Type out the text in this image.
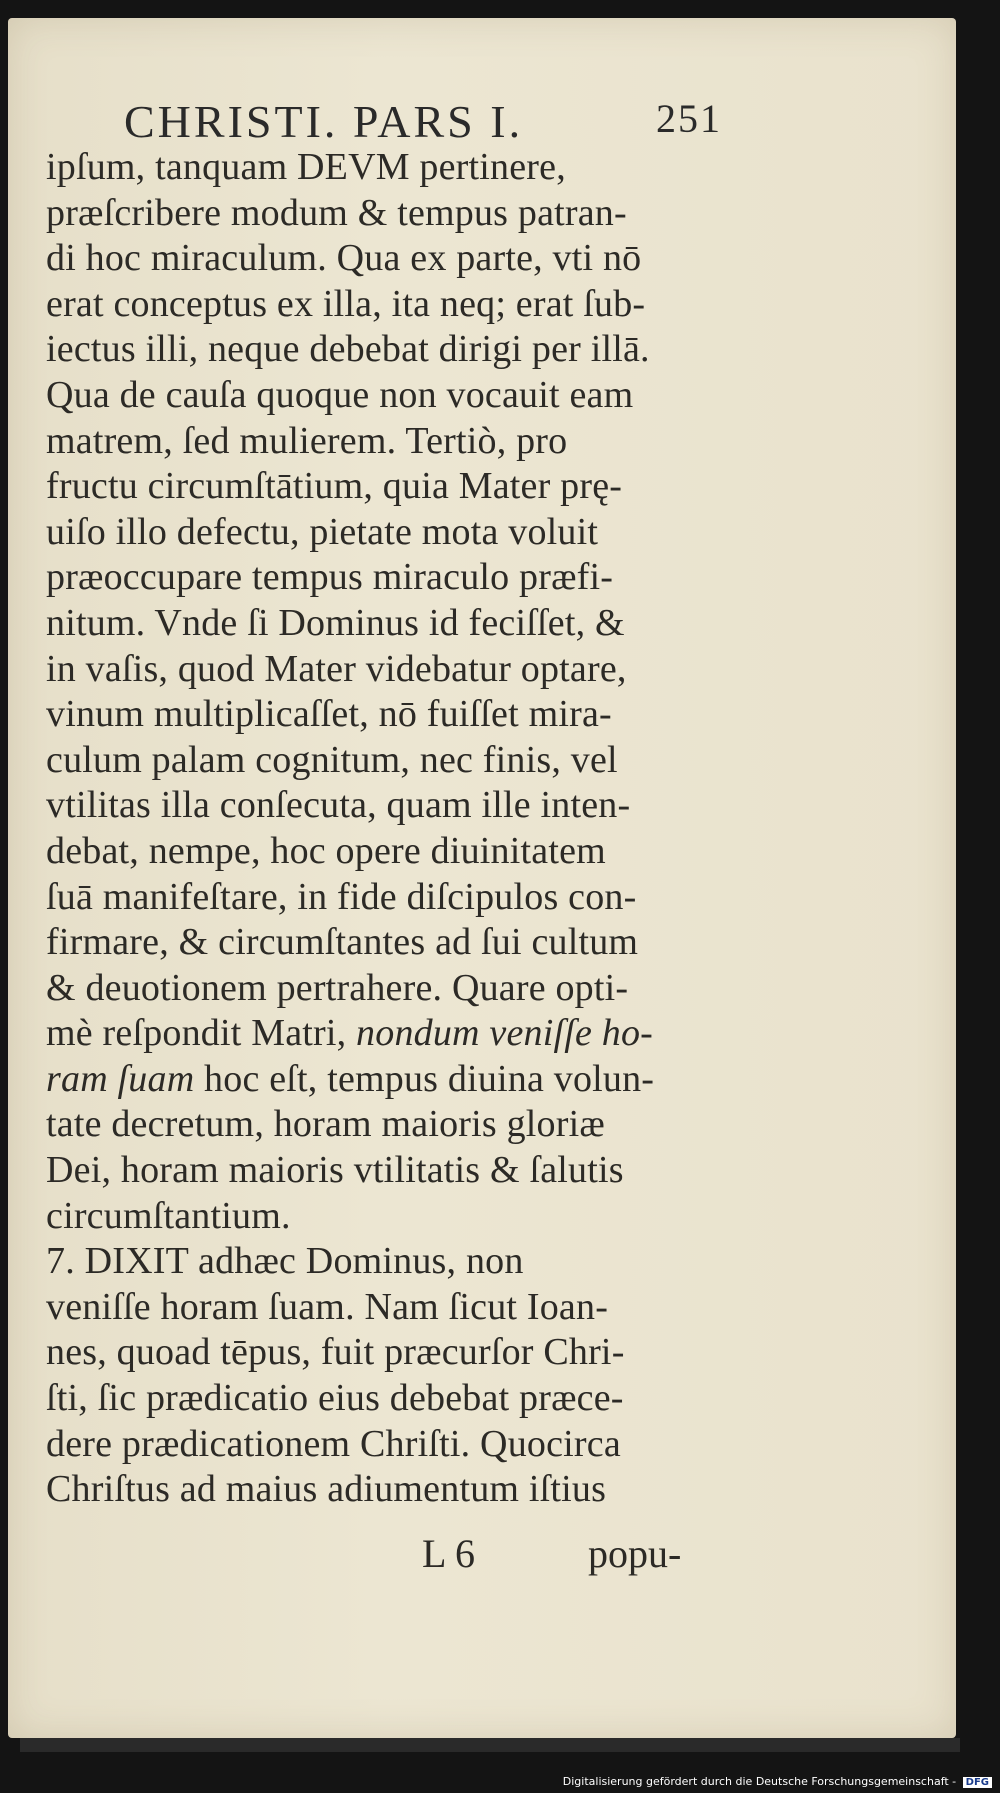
CHRISTI. PARS I.	251
ipſum, tanquam DEVM pertinere,
præſcribere modum & tempus patran-
di hoc miraculum. Qua ex parte, vti nō
erat conceptus ex illa, ita neq; erat ſub-
iectus illi, neque debebat dirigi per illā.
Qua de cauſa quoque non vocauit eam
matrem, ſed mulierem. Tertiò, pro
fructu circumſtātium, quia Mater prę-
uiſo illo defectu, pietate mota voluit
præoccupare tempus miraculo præfi-
nitum. Vnde ſi Dominus id feciſſet, &
in vaſis, quod Mater videbatur optare,
vinum multiplicaſſet, nō fuiſſet mira-
culum palam cognitum, nec finis, vel
vtilitas illa conſecuta, quam ille inten-
debat, nempe, hoc opere diuinitatem
ſuā manifeſtare, in fide diſcipulos con-
firmare, & circumſtantes ad ſui cultum
& deuotionem pertrahere. Quare opti-
mè reſpondit Matri, nondum veniſſe ho-
ram ſuam hoc eſt, tempus diuina volun-
tate decretum, horam maioris gloriæ
Dei, horam maioris vtilitatis & ſalutis
circumſtantium.
7. DIXIT adhæc Dominus, non
veniſſe horam ſuam. Nam ſicut Ioan-
nes, quoad tēpus, fuit præcurſor Chri-
ſti, ſic prædicatio eius debebat præce-
dere prædicationem Chriſti. Quocirca
Chriſtus ad maius adiumentum iſtius
L 6	popu-
Digitalisierung gefördert durch die Deutsche Forschungsgemeinschaft - DFG
